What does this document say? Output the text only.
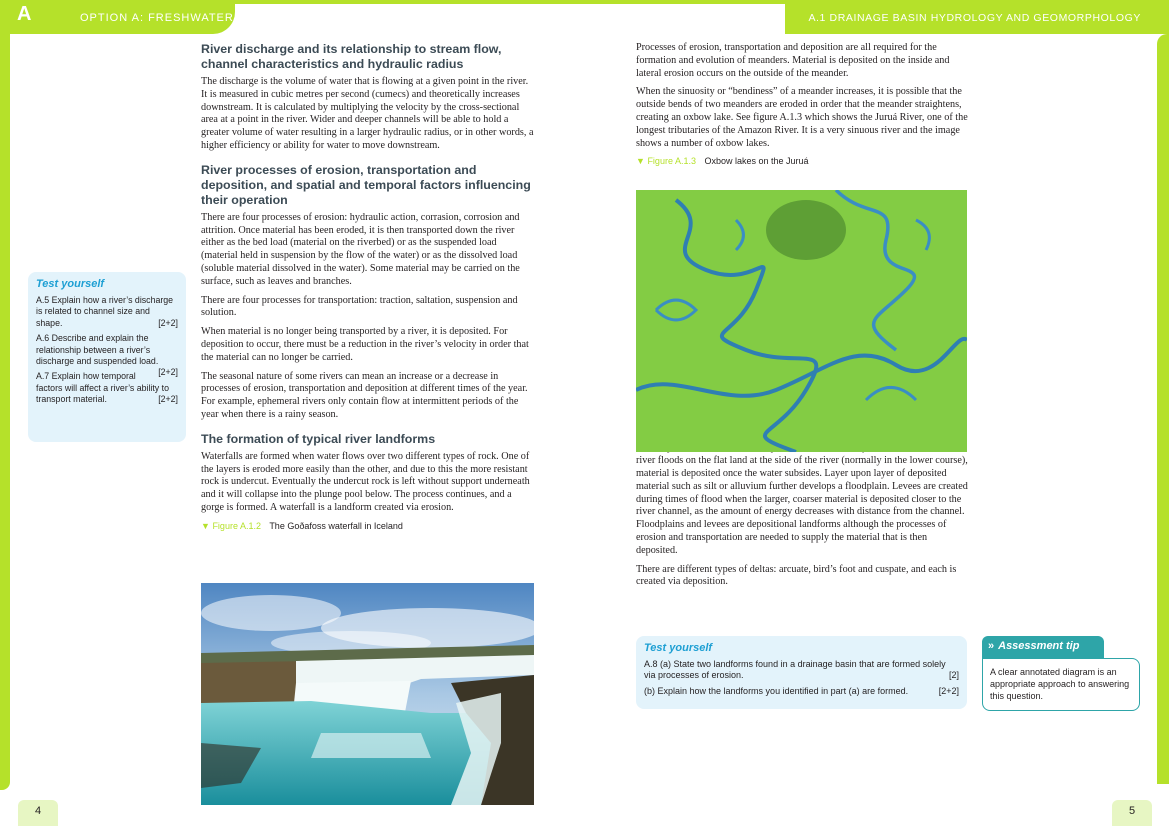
A	OPTION A: FRESHWATER	A.1 DRAINAGE BASIN HYDROLOGY AND GEOMORPHOLOGY
River discharge and its relationship to stream flow, channel characteristics and hydraulic radius

The discharge is the volume of water that is flowing at a given point in the river. It is measured in cubic metres per second (cumecs) and theoretically increases downstream. It is calculated by multiplying the velocity by the cross-sectional area at a point in the river. Wider and deeper channels will be able to hold a greater volume of water resulting in a larger hydraulic radius, or in other words, a higher efficiency or ability for water to move downstream.

River processes of erosion, transportation and deposition, and spatial and temporal factors influencing their operation

There are four processes of erosion: hydraulic action, corrasion, corrosion and attrition. Once material has been eroded, it is then transported down the river either as the bed load (material on the riverbed) or as the suspended load (material held in suspension by the flow of the water) or as the dissolved load (soluble material dissolved in the water). Some material may be carried on the surface, such as leaves and branches.

There are four processes for transportation: traction, saltation, suspension and solution.

When material is no longer being transported by a river, it is deposited. For deposition to occur, there must be a reduction in the river’s velocity in order that the material can no longer be carried.

The seasonal nature of some rivers can mean an increase or a decrease in processes of erosion, transportation and deposition at different times of the year. For example, ephemeral rivers only contain flow at intermittent periods of the year when there is a rainy season.

The formation of typical river landforms

Waterfalls are formed when water flows over two different types of rock. One of the layers is eroded more easily than the other, and due to this the more resistant rock is undercut. Eventually the undercut rock is left without support underneath and it will collapse into the plunge pool below. The process continues, and a gorge is formed. A waterfall is a landform created via erosion.

▼ Figure A.1.2 The Goðafoss waterfall in Iceland

Processes of erosion, transportation and deposition are all required for the formation and evolution of meanders. Material is deposited on the inside and lateral erosion occurs on the outside of the meander.

When the sinuosity or “bendiness” of a meander increases, it is possible that the outside bends of two meanders are eroded in order that the meander straightens, creating an oxbow lake. See figure A.1.3 which shows the Juruá River, one of the longest tributaries of the Amazon River. It is a very sinuous river and the image shows a number of oxbow lakes.

▼ Figure A.1.3 Oxbow lakes on the Juruá

river floods on the flat land at the side of the river (normally in the lower course), material is deposited once the water subsides. Layer upon layer of deposited material such as silt or alluvium further develops a floodplain. Levees are created during times of flood when the larger, coarser material is deposited closer to the river channel, as the amount of energy decreases with distance from the channel. Floodplains and levees are depositional landforms although the processes of erosion and transportation are needed to supply the material that is then deposited.

There are different types of deltas: arcuate, bird’s foot and cuspate, and each is created via deposition.

Test yourself
A.5 Explain how a river’s discharge is related to channel size and shape.	[2+2]
A.6 Describe and explain the relationship between a river’s discharge and suspended load.
[2+2]
A.7 Explain how temporal factors will affect a river’s ability to transport material.	[2+2]
Test yourself
A.8 (a) State two landforms found in a drainage basin that are formed solely via processes of erosion.	[2]
(b) Explain how the landforms you identified in part (a) are formed.	[2+2]
» Assessment tip
A clear annotated diagram is an appropriate approach to answering this question.
4	5
